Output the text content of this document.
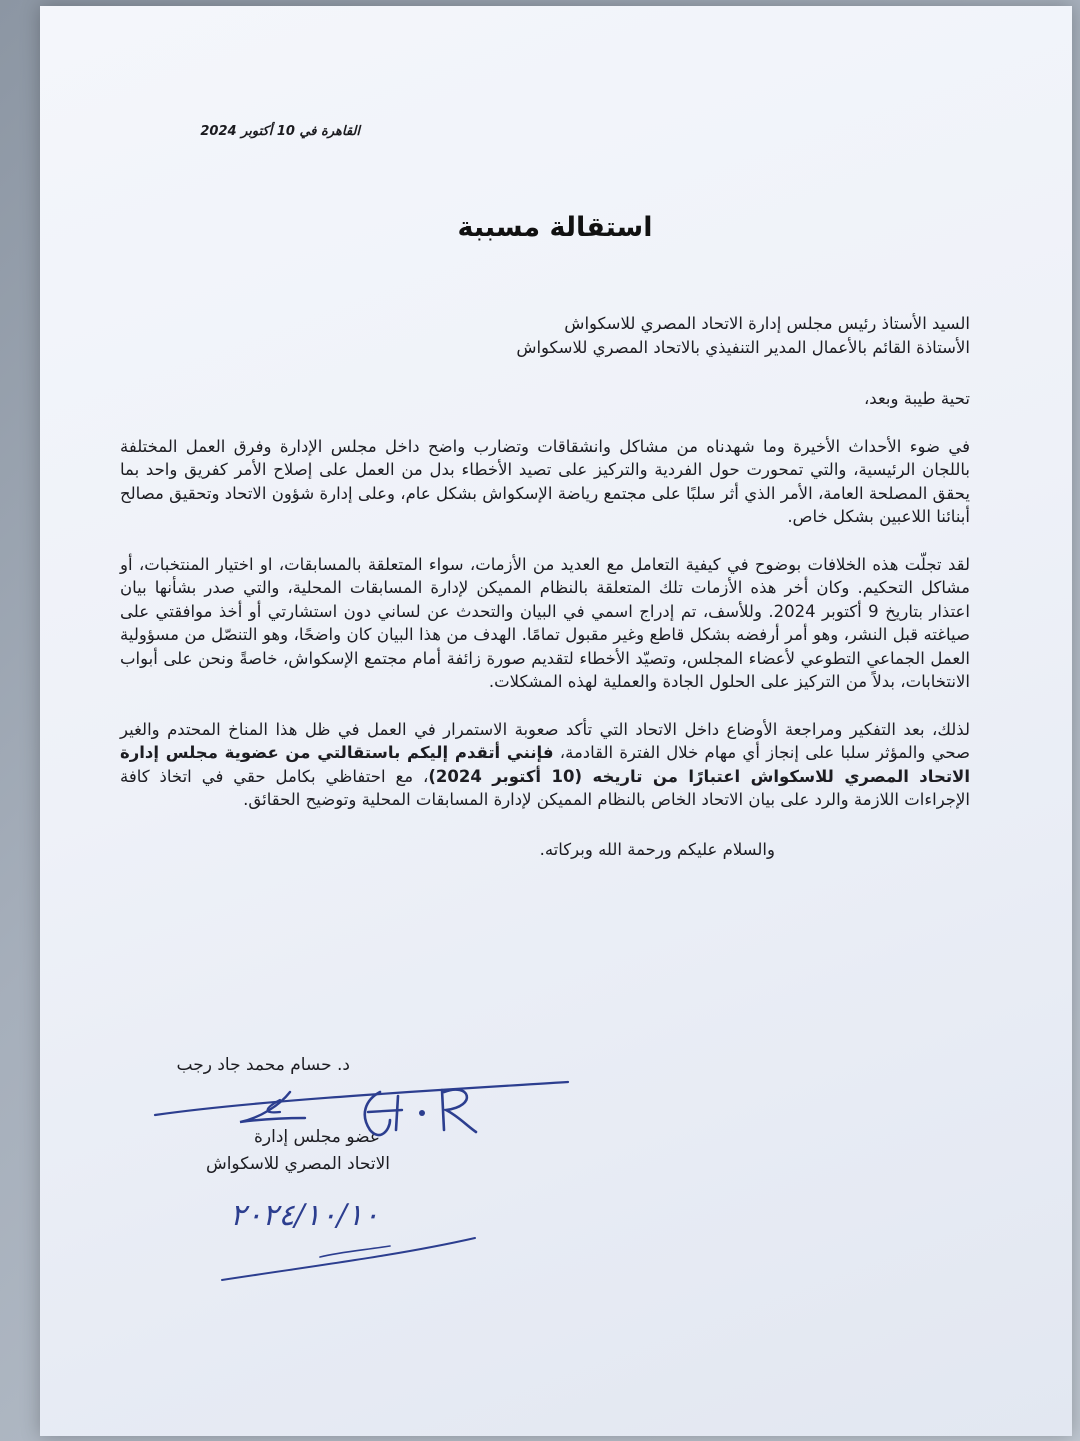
القاهرة في 10 أكتوبر 2024
استقالة مسببة
السيد الأستاذ رئيس مجلس إدارة الاتحاد المصري للاسكواش
الأستاذة القائم بالأعمال المدير التنفيذي بالاتحاد المصري للاسكواش
تحية طيبة وبعد،

في ضوء الأحداث الأخيرة وما شهدناه من مشاكل وانشقاقات وتضارب واضح داخل مجلس الإدارة وفرق العمل المختلفة باللجان الرئيسية، والتي تمحورت حول الفردية والتركيز على تصيد الأخطاء بدل من العمل على إصلاح الأمر كفريق واحد بما يحقق المصلحة العامة، الأمر الذي أثر سلبًا على مجتمع رياضة الإسكواش بشكل عام، وعلى إدارة شؤون الاتحاد وتحقيق مصالح أبنائنا اللاعبين بشكل خاص.

لقد تجلّت هذه الخلافات بوضوح في كيفية التعامل مع العديد من الأزمات، سواء المتعلقة بالمسابقات، او اختيار المنتخبات، أو مشاكل التحكيم. وكان أخر هذه الأزمات تلك المتعلقة بالنظام المميكن لإدارة المسابقات المحلية، والتي صدر بشأنها بيان اعتذار بتاريخ 9 أكتوبر 2024. وللأسف، تم إدراج اسمي في البيان والتحدث عن لساني دون استشارتي أو أخذ موافقتي على صياغته قبل النشر، وهو أمر أرفضه بشكل قاطع وغير مقبول تمامًا. الهدف من هذا البيان كان واضحًا، وهو التنصّل من مسؤولية العمل الجماعي التطوعي لأعضاء المجلس، وتصيّد الأخطاء لتقديم صورة زائفة أمام مجتمع الإسكواش، خاصةً ونحن على أبواب الانتخابات، بدلاً من التركيز على الحلول الجادة والعملية لهذه المشكلات.

لذلك، بعد التفكير ومراجعة الأوضاع داخل الاتحاد التي تأكد صعوبة الاستمرار في العمل في ظل هذا المناخ المحتدم والغير صحي والمؤثر سلبا على إنجاز أي مهام خلال الفترة القادمة، فإنني أتقدم إليكم باستقالتي من عضوية مجلس إدارة الاتحاد المصري للاسكواش اعتبارًا من تاريخه (10 أكتوبر 2024)، مع احتفاظي بكامل حقي في اتخاذ كافة الإجراءات اللازمة والرد على بيان الاتحاد الخاص بالنظام المميكن لإدارة المسابقات المحلية وتوضيح الحقائق.

والسلام عليكم ورحمة الله وبركاته.
د. حسام محمد جاد رجب
عضو مجلس إدارة
الاتحاد المصري للاسكواش
٢٠٢٤/١٠/١٠
